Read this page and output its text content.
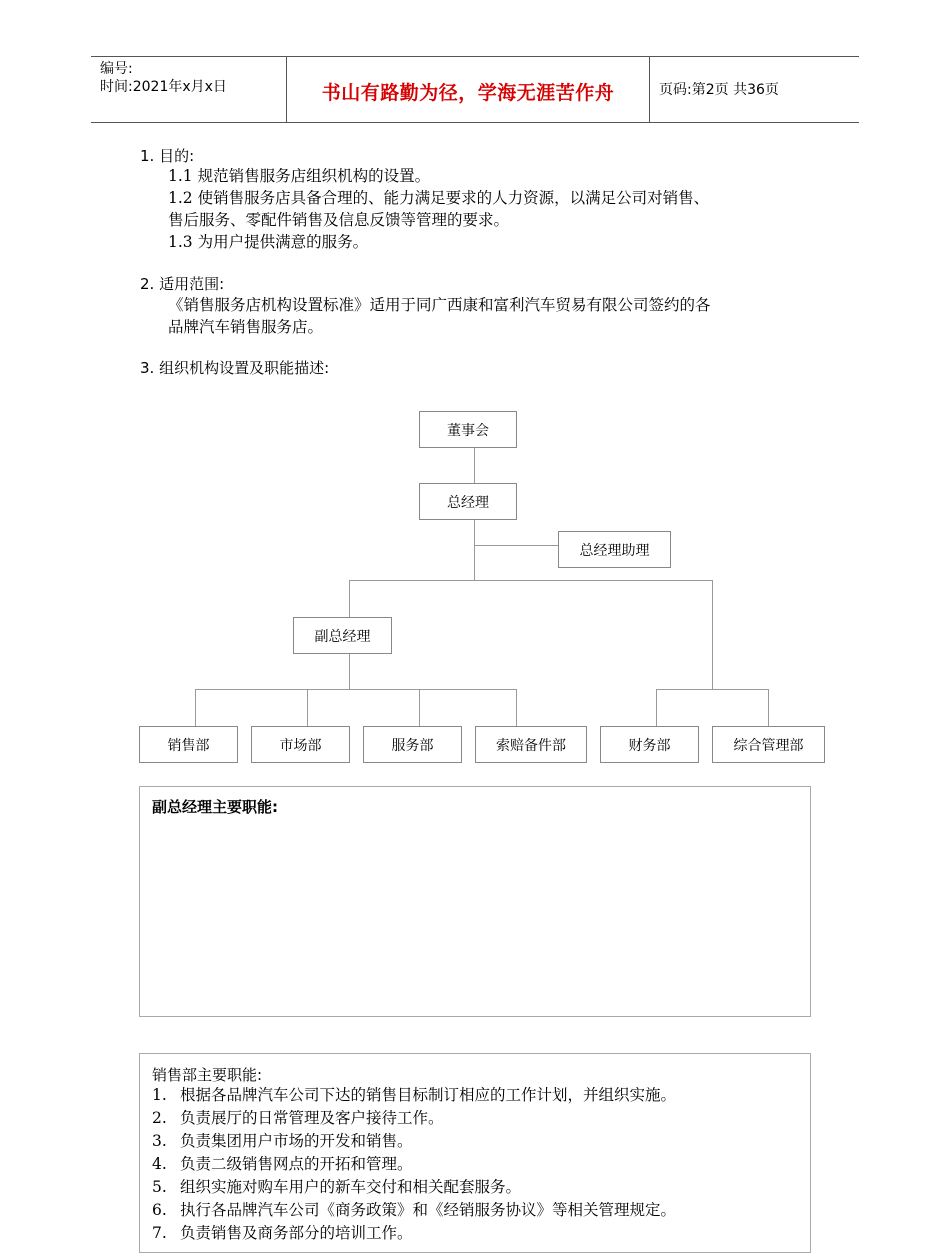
编号:
时间:2021年x月x日	书山有路勤为径，学海无涯苦作舟	页码:第2页 共36页
1. 目的:
1.1 规范销售服务店组织机构的设置。
1.2 使销售服务店具备合理的、能力满足要求的人力资源，以满足公司对销售、
售后服务、零配件销售及信息反馈等管理的要求。
1.3 为用户提供满意的服务。
2. 适用范围:
《销售服务店机构设置标准》适用于同广西康和富利汽车贸易有限公司签约的各
品牌汽车销售服务店。
3. 组织机构设置及职能描述:
董事会
总经理
总经理助理
副总经理
销售部	市场部	服务部	索赔备件部	财务部	综合管理部
副总经理主要职能:
销售部主要职能:
1. 根据各品牌汽车公司下达的销售目标制订相应的工作计划，并组织实施。
2. 负责展厅的日常管理及客户接待工作。
3. 负责集团用户市场的开发和销售。
4. 负责二级销售网点的开拓和管理。
5. 组织实施对购车用户的新车交付和相关配套服务。
6. 执行各品牌汽车公司《商务政策》和《经销服务协议》等相关管理规定。
7. 负责销售及商务部分的培训工作。
